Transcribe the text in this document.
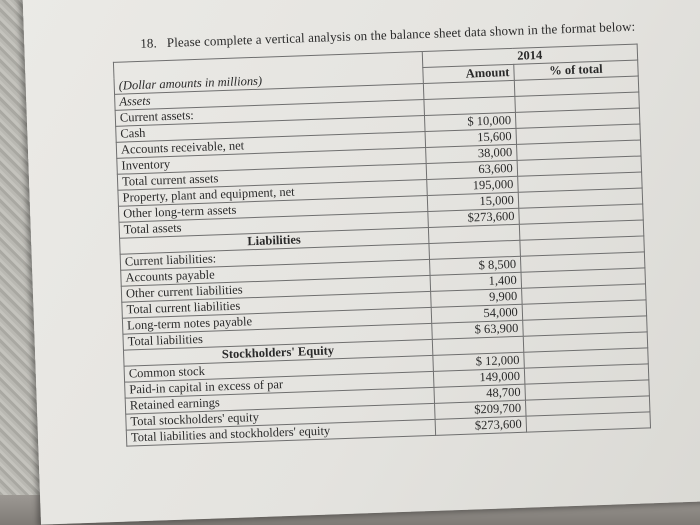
18. Please complete a vertical analysis on the balance sheet data shown in the format below:
(Dollar amounts in millions)	2014	
	Amount	% of total
Assets		
Current assets:		
Cash	$ 10,000	
Accounts receivable, net	15,600	
Inventory	38,000	
Total current assets	63,600	
Property, plant and equipment, net	195,000	
Other long-term assets	15,000	
Total assets	$273,600	
Liabilities		
Current liabilities:		
Accounts payable	$ 8,500	
Other current liabilities	1,400	
Total current liabilities	9,900	
Long-term notes payable	54,000	
Total liabilities	$ 63,900	
Stockholders' Equity		
Common stock	$ 12,000	
Paid-in capital in excess of par	149,000	
Retained earnings	48,700	
Total stockholders' equity	$209,700	
Total liabilities and stockholders' equity	$273,600	
